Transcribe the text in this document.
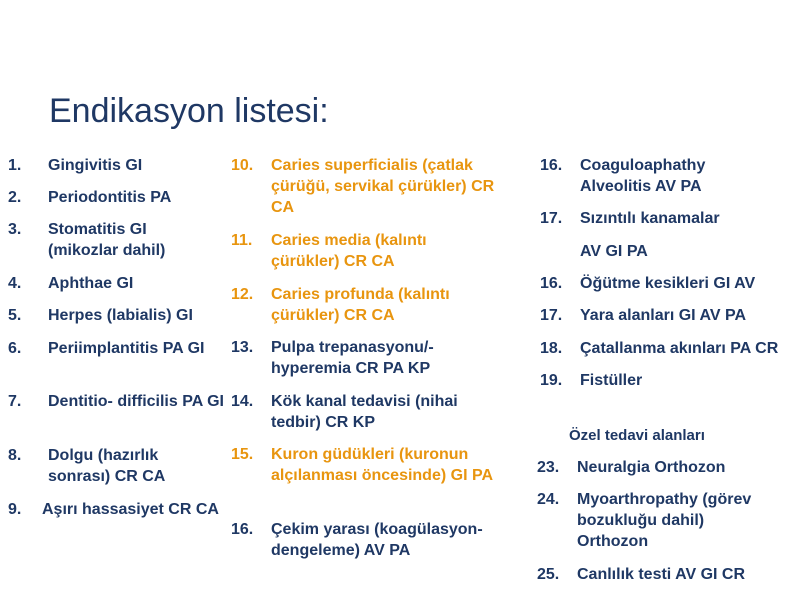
Endikasyon listesi:
1. Gingivitis GI
2. Periodontitis PA
3. Stomatitis GI (mikozlar dahil)
4. Aphthae GI
5. Herpes (labialis) GI
6. Periimplantitis PA GI
7. Dentitio- difficilis PA GI
8. Dolgu (hazırlık sonrası) CR CA
9. Aşırı hassasiyet CR CA
10. Caries superficialis (çatlak çürüğü, servikal çürükler) CR CA
11. Caries media (kalıntı çürükler) CR CA
12. Caries profunda (kalıntı çürükler) CR CA
13. Pulpa trepanasyonu/-hyperemia CR PA KP
14. Kök kanal tedavisi (nihai tedbir) CR KP
15. Kuron güdükleri (kuronun alçılanması öncesinde) GI PA
16. Çekim yarası (koagülasyon-dengeleme) AV PA
16. Coaguloaphathy Alveolitis AV PA
17. Sızıntılı kanamalar
AV GI PA
16. Öğütme kesikleri GI AV
17. Yara alanları GI AV PA
18. Çatallanma akınları PA CR
19. Fistüller
Özel tedavi alanları
23. Neuralgia Orthozon
24. Myoarthropathy (görev bozukluğu dahil) Orthozon
25. Canlılık testi AV GI CR
